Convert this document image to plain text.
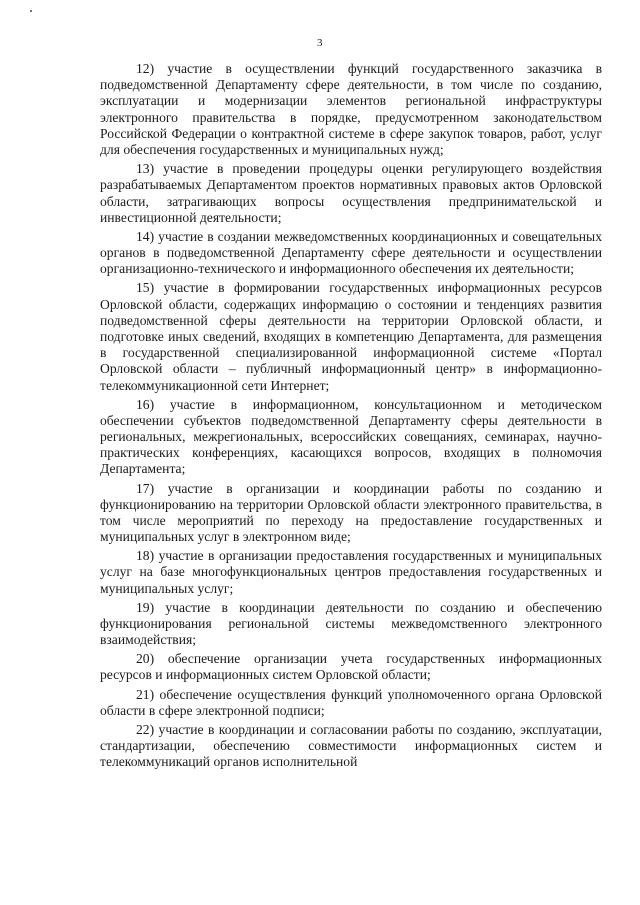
3

12) участие в осуществлении функций государственного заказчика в подведомственной Департаменту сфере деятельности, в том числе по созданию, эксплуатации и модернизации элементов региональной инфраструктуры электронного правительства в порядке, предусмотренном законодательством Российской Федерации о контрактной системе в сфере закупок товаров, работ, услуг для обеспечения государственных и муниципальных нужд;

13) участие в проведении процедуры оценки регулирующего воздействия разрабатываемых Департаментом проектов нормативных правовых актов Орловской области, затрагивающих вопросы осуществления предпринимательской и инвестиционной деятельности;

14) участие в создании межведомственных координационных и совещательных органов в подведомственной Департаменту сфере деятельности и осуществлении организационно-технического и информационного обеспечения их деятельности;

15) участие в формировании государственных информационных ресурсов Орловской области, содержащих информацию о состоянии и тенденциях развития подведомственной сферы деятельности на территории Орловской области, и подготовке иных сведений, входящих в компетенцию Департамента, для размещения в государственной специализированной информационной системе «Портал Орловской области – публичный информационный центр» в информационно-телекоммуникационной сети Интернет;

16) участие в информационном, консультационном и методическом обеспечении субъектов подведомственной Департаменту сферы деятельности в региональных, межрегиональных, всероссийских совещаниях, семинарах, научно-практических конференциях, касающихся вопросов, входящих в полномочия Департамента;

17) участие в организации и координации работы по созданию и функционированию на территории Орловской области электронного правительства, в том числе мероприятий по переходу на предоставление государственных и муниципальных услуг в электронном виде;

18) участие в организации предоставления государственных и муниципальных услуг на базе многофункциональных центров предоставления государственных и муниципальных услуг;

19) участие в координации деятельности по созданию и обеспечению функционирования региональной системы межведомственного электронного взаимодействия;

20) обеспечение организации учета государственных информационных ресурсов и информационных систем Орловской области;

21) обеспечение осуществления функций уполномоченного органа Орловской области в сфере электронной подписи;

22) участие в координации и согласовании работы по созданию, эксплуатации, стандартизации, обеспечению совместимости информационных систем и телекоммуникаций органов исполнительной
